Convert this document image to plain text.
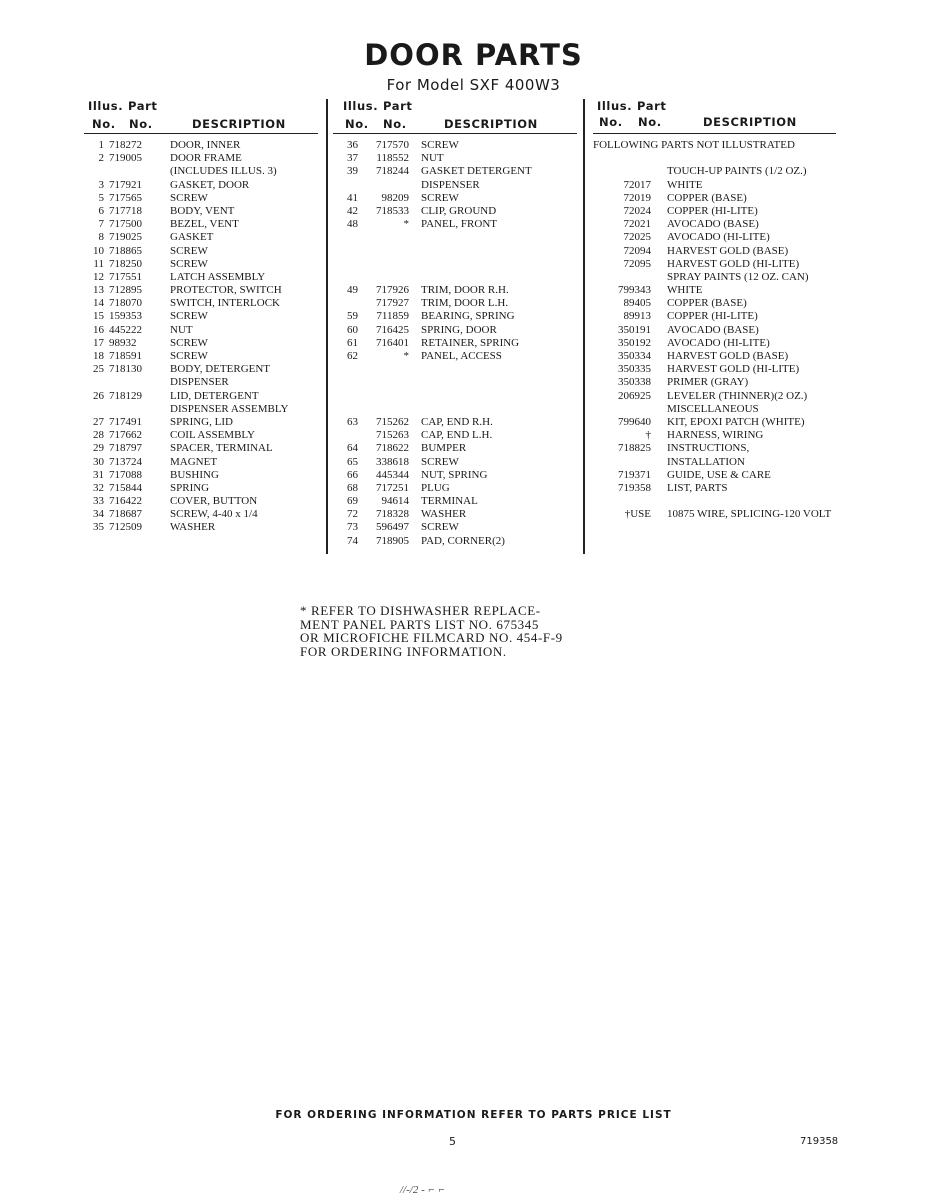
DOOR PARTS
For Model SXF 400W3
Illus. Part
No. No.	DESCRIPTION
1 718272	DOOR, INNER
2 719005	DOOR FRAME
(INCLUDES ILLUS. 3)
3 717921	GASKET, DOOR
5 717565	SCREW
6 717718	BODY, VENT
7 717500	BEZEL, VENT
8 719025	GASKET
10 718865	SCREW
11 718250	SCREW
12 717551	LATCH ASSEMBLY
13 712895	PROTECTOR, SWITCH
14 718070	SWITCH, INTERLOCK
15 159353	SCREW
16 445222	NUT
17 98932	SCREW
18 718591	SCREW
25 718130	BODY, DETERGENT
DISPENSER
26 718129	LID, DETERGENT
DISPENSER ASSEMBLY
27 717491	SPRING, LID
28 717662	COIL ASSEMBLY
29 718797	SPACER, TERMINAL
30 713724	MAGNET
31 717088	BUSHING
32 715844	SPRING
33 716422	COVER, BUTTON
34 718687	SCREW, 4-40 x 1/4
35 712509	WASHER
Illus. Part
No. No.	DESCRIPTION
36 717570 SCREW
37 118552 NUT
39 718244 GASKET DETERGENT
DISPENSER
41 98209 SCREW
42 718533 CLIP, GROUND
48	* PANEL, FRONT
49 717926 TRIM, DOOR R.H.
717927 TRIM, DOOR L.H.
59 711859 BEARING, SPRING
60 716425 SPRING, DOOR
61 716401 RETAINER, SPRING
62	* PANEL, ACCESS
63 715262 CAP, END R.H.
715263 CAP, END L.H.
64 718622 BUMPER
65 338618 SCREW
66 445344 NUT, SPRING
68 717251 PLUG
69 94614 TERMINAL
72 718328 WASHER
73 596497 SCREW
74 718905 PAD, CORNER(2)
Illus. Part
No. No.	DESCRIPTION
FOLLOWING PARTS NOT ILLUSTRATED
TOUCH-UP PAINTS (1/2 OZ.)
72017 WHITE
72019 COPPER (BASE)
72024 COPPER (HI-LITE)
72021 AVOCADO (BASE)
72025 AVOCADO (HI-LITE)
72094 HARVEST GOLD (BASE)
72095 HARVEST GOLD (HI-LITE)
SPRAY PAINTS (12 OZ. CAN)
799343 WHITE
89405 COPPER (BASE)
89913 COPPER (HI-LITE)
350191 AVOCADO (BASE)
350192 AVOCADO (HI-LITE)
350334 HARVEST GOLD (BASE)
350335 HARVEST GOLD (HI-LITE)
350338 PRIMER (GRAY)
206925 LEVELER (THINNER)(2 OZ.)
MISCELLANEOUS
799640 KIT, EPOXI PATCH (WHITE)
† HARNESS, WIRING
718825 INSTRUCTIONS,
INSTALLATION
719371 GUIDE, USE & CARE
719358 LIST, PARTS
†USE 10875 WIRE, SPLICING-120 VOLT
* REFER TO DISHWASHER REPLACE-
MENT PANEL PARTS LIST NO. 675345
OR MICROFICHE FILMCARD NO. 454-F-9
FOR ORDERING INFORMATION.
FOR ORDERING INFORMATION REFER TO PARTS PRICE LIST
5	719358
//-/2 - ⌐ ⌐
